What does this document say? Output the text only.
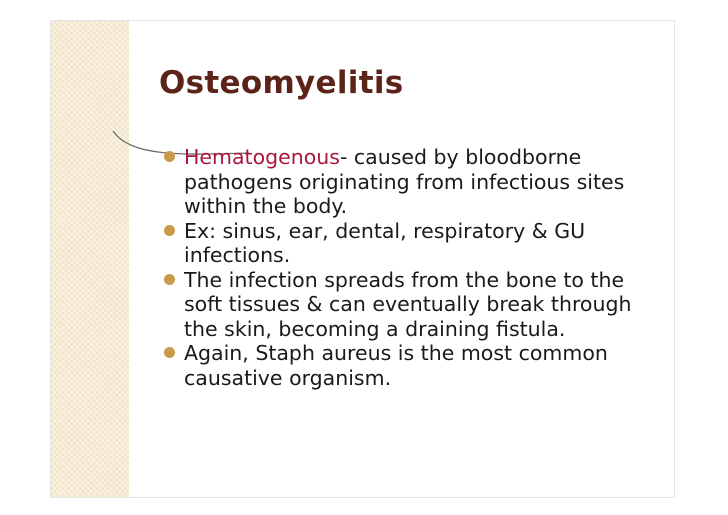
Osteomyelitis
Hematogenous- caused by bloodborne pathogens originating from infectious sites within the body.
Ex: sinus, ear, dental, respiratory & GU infections.
The infection spreads from the bone to the soft tissues & can eventually break through the skin, becoming a draining fistula.
Again, Staph aureus is the most common causative organism.
